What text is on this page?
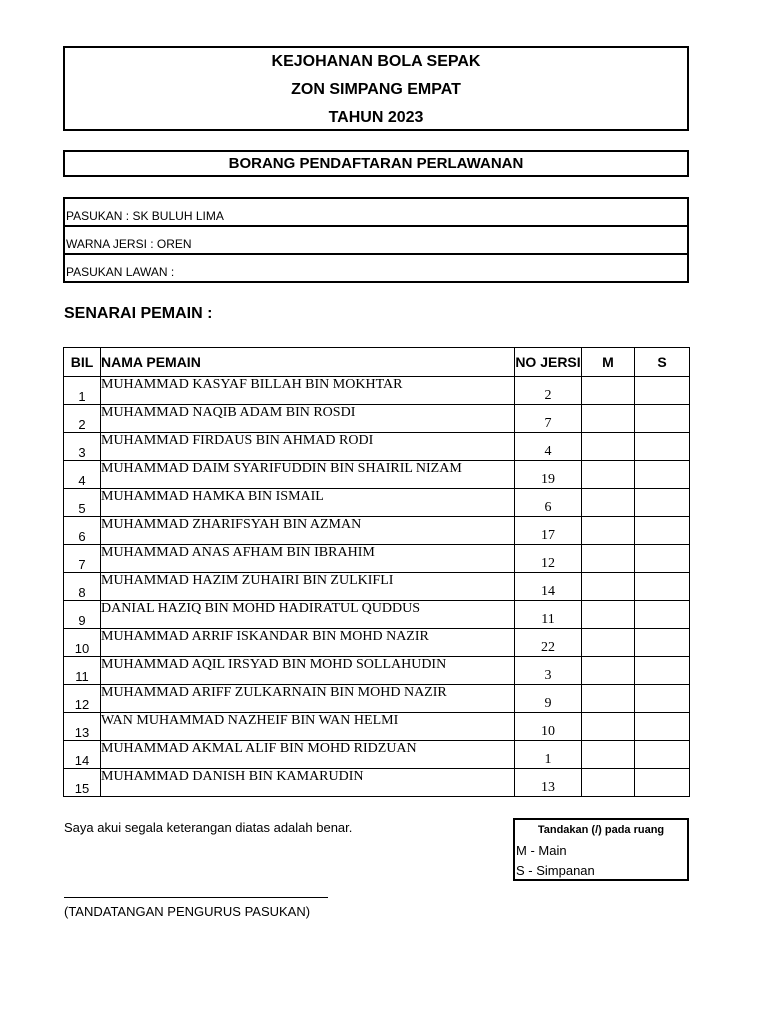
KEJOHANAN BOLA SEPAK
ZON SIMPANG EMPAT
TAHUN 2023
BORANG PENDAFTARAN PERLAWANAN
PASUKAN : SK BULUH LIMA
WARNA JERSI : OREN
PASUKAN LAWAN :
SENARAI PEMAIN :
BIL	NAMA PEMAIN	NO JERSI	M	S
1	MUHAMMAD KASYAF BILLAH BIN MOKHTAR	2		
2	MUHAMMAD NAQIB ADAM BIN ROSDI	7		
3	MUHAMMAD FIRDAUS BIN AHMAD RODI	4		
4	MUHAMMAD DAIM SYARIFUDDIN BIN SHAIRIL NIZAM	19		
5	MUHAMMAD HAMKA BIN ISMAIL	6		
6	MUHAMMAD ZHARIFSYAH BIN AZMAN	17		
7	MUHAMMAD ANAS AFHAM BIN IBRAHIM	12		
8	MUHAMMAD HAZIM ZUHAIRI BIN ZULKIFLI	14		
9	DANIAL HAZIQ BIN MOHD HADIRATUL QUDDUS	11		
10	MUHAMMAD ARRIF ISKANDAR BIN MOHD NAZIR	22		
11	MUHAMMAD AQIL IRSYAD BIN MOHD SOLLAHUDIN	3		
12	MUHAMMAD ARIFF ZULKARNAIN BIN MOHD NAZIR	9		
13	WAN MUHAMMAD NAZHEIF BIN WAN HELMI	10		
14	MUHAMMAD AKMAL ALIF BIN MOHD RIDZUAN	1		
15	MUHAMMAD DANISH BIN KAMARUDIN	13		
Saya akui segala keterangan diatas adalah benar.
(TANDATANGAN PENGURUS PASUKAN)
Tandakan (/) pada ruang
M - Main
S - Simpanan
